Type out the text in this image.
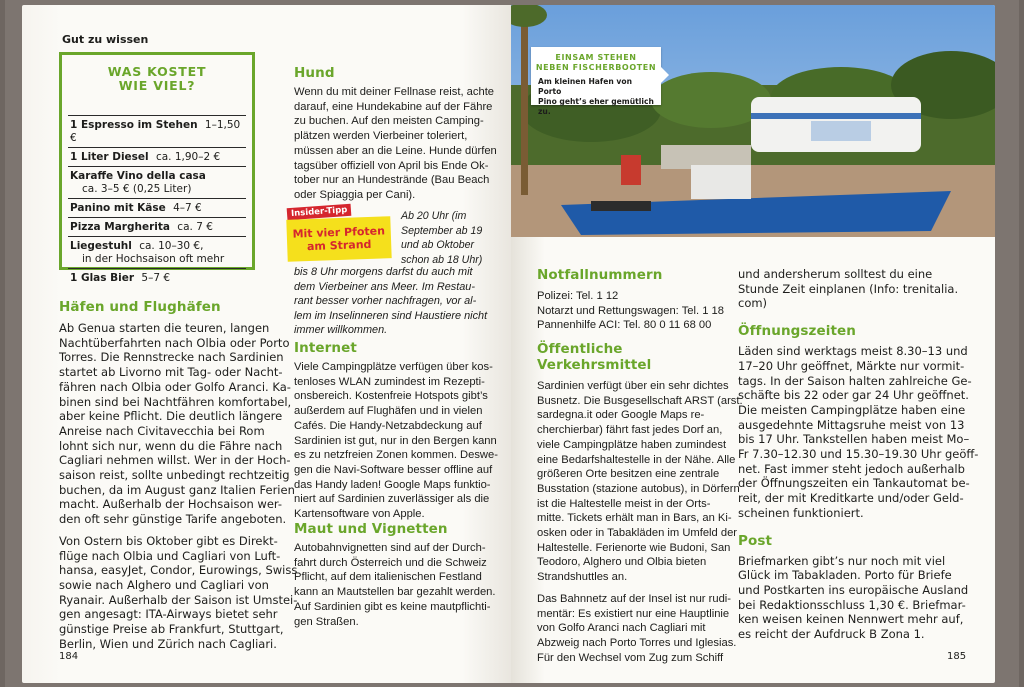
Gut zu wissen
WAS KOSTET
WIE VIEL?
1 Espresso im Stehen 1–1,50 €
1 Liter Diesel ca. 1,90–2 €
Karaffe Vino della casa
ca. 3–5 € (0,25 Liter)
Panino mit Käse 4–7 €
Pizza Margherita ca. 7 €
Liegestuhl ca. 10–30 €,
in der Hochsaison oft mehr
1 Glas Bier 5–7 €

Häfen und Flughäfen

Ab Genua starten die teuren, langen
Nachtüberfahrten nach Olbia oder Porto
Torres. Die Rennstrecke nach Sardinien
startet ab Livorno mit Tag- oder Nacht-
fähren nach Olbia oder Golfo Aranci. Ka-
binen sind bei Nachtfähren komfortabel,
aber keine Pflicht. Die deutlich längere
Anreise nach Civitavecchia bei Rom
lohnt sich nur, wenn du die Fähre nach
Cagliari nehmen willst. Wer in der Hoch-
saison reist, sollte unbedingt rechtzeitig
buchen, da im August ganz Italien Ferien
macht. Außerhalb der Hochsaison wer-
den oft sehr günstige Tarife angeboten.
Von Ostern bis Oktober gibt es Direkt-
flüge nach Olbia und Cagliari von Luft-
hansa, easyJet, Condor, Eurowings, Swiss
sowie nach Alghero und Cagliari von
Ryanair. Außerhalb der Saison ist Umstei-
gen angesagt: ITA-Airways bietet sehr
günstige Preise ab Frankfurt, Stuttgart,
Berlin, Wien und Zürich nach Cagliari.

Hund

Wenn du mit deiner Fellnase reist, achte
darauf, eine Hundekabine auf der Fähre
zu buchen. Auf den meisten Camping-
plätzen werden Vierbeiner toleriert,
müssen aber an die Leine. Hunde dürfen
tagsüber offiziell von April bis Ende Ok-
tober nur an Hundestrände (Bau Beach
oder Spiaggia per Cani).
Insider-Tipp
Mit vier Pfoten am Strand
Ab 20 Uhr (im
September ab 19
und ab Oktober
schon ab 18 Uhr)
bis 8 Uhr morgens darfst du auch mit
dem Vierbeiner ans Meer. Im Restau-
rant besser vorher nachfragen, vor al-
lem im Inselinneren sind Haustiere nicht
immer willkommen.

Internet

Viele Campingplätze verfügen über kos-
tenloses WLAN zumindest im Rezepti-
onsbereich. Kostenfreie Hotspots gibt’s
außerdem auf Flughäfen und in vielen
Cafés. Die Handy-Netzabdeckung auf
Sardinien ist gut, nur in den Bergen kann
es zu netzfreien Zonen kommen. Deswe-
gen die Navi-Software besser offline auf
das Handy laden! Google Maps funktio-
niert auf Sardinien zuverlässiger als die
Kartensoftware von Apple.

Maut und Vignetten

Autobahnvignetten sind auf der Durch-
fahrt durch Österreich und die Schweiz
Pflicht, auf dem italienischen Festland
kann an Mautstellen bar gezahlt werden.
Auf Sardinien gibt es keine mautpflichti-
gen Straßen.
184
EINSAM STEHEN
NEBEN FISCHERBOOTEN
Am kleinen Hafen von Porto
Pino geht’s eher gemütlich zu.

Notfallnummern

Polizei: Tel. 1 12
Notarzt und Rettungswagen: Tel. 1 18
Pannenhilfe ACI: Tel. 80 0 11 68 00

Öffentliche Verkehrsmittel

Sardinien verfügt über ein sehr dichtes
Busnetz. Die Busgesellschaft ARST (arst.
sardegna.it oder Google Maps re-
cherchierbar) fährt fast jedes Dorf an,
viele Campingplätze haben zumindest
eine Bedarfshaltestelle in der Nähe. Alle
größeren Orte besitzen eine zentrale
Busstation (stazione autobus), in Dörfern
ist die Haltestelle meist in der Orts-
mitte. Tickets erhält man in Bars, an Ki-
osken oder in Tabakläden im Umfeld der
Haltestelle. Ferienorte wie Budoni, San
Teodoro, Alghero und Olbia bieten
Strandshuttles an.
Das Bahnnetz auf der Insel ist nur rudi-
mentär: Es existiert nur eine Hauptlinie
von Golfo Aranci nach Cagliari mit
Abzweig nach Porto Torres und Iglesias.
Für den Wechsel vom Zug zum Schiff
und andersherum solltest du eine
Stunde Zeit einplanen (Info: trenitalia.
com)

Öffnungszeiten

Läden sind werktags meist 8.30–13 und
17–20 Uhr geöffnet, Märkte nur vormit-
tags. In der Saison halten zahlreiche Ge-
schäfte bis 22 oder gar 24 Uhr geöffnet.
Die meisten Campingplätze haben eine
ausgedehnte Mittagsruhe meist von 13
bis 17 Uhr. Tankstellen haben meist Mo–
Fr 7.30–12.30 und 15.30–19.30 Uhr geöff-
net. Fast immer steht jedoch außerhalb
der Öffnungszeiten ein Tankautomat be-
reit, der mit Kreditkarte und/oder Geld-
scheinen funktioniert.

Post

Briefmarken gibt’s nur noch mit viel
Glück im Tabakladen. Porto für Briefe
und Postkarten ins europäische Ausland
bei Redaktionsschluss 1,30 €. Briefmar-
ken weisen keinen Nennwert mehr auf,
es reicht der Aufdruck B Zona 1.
185
